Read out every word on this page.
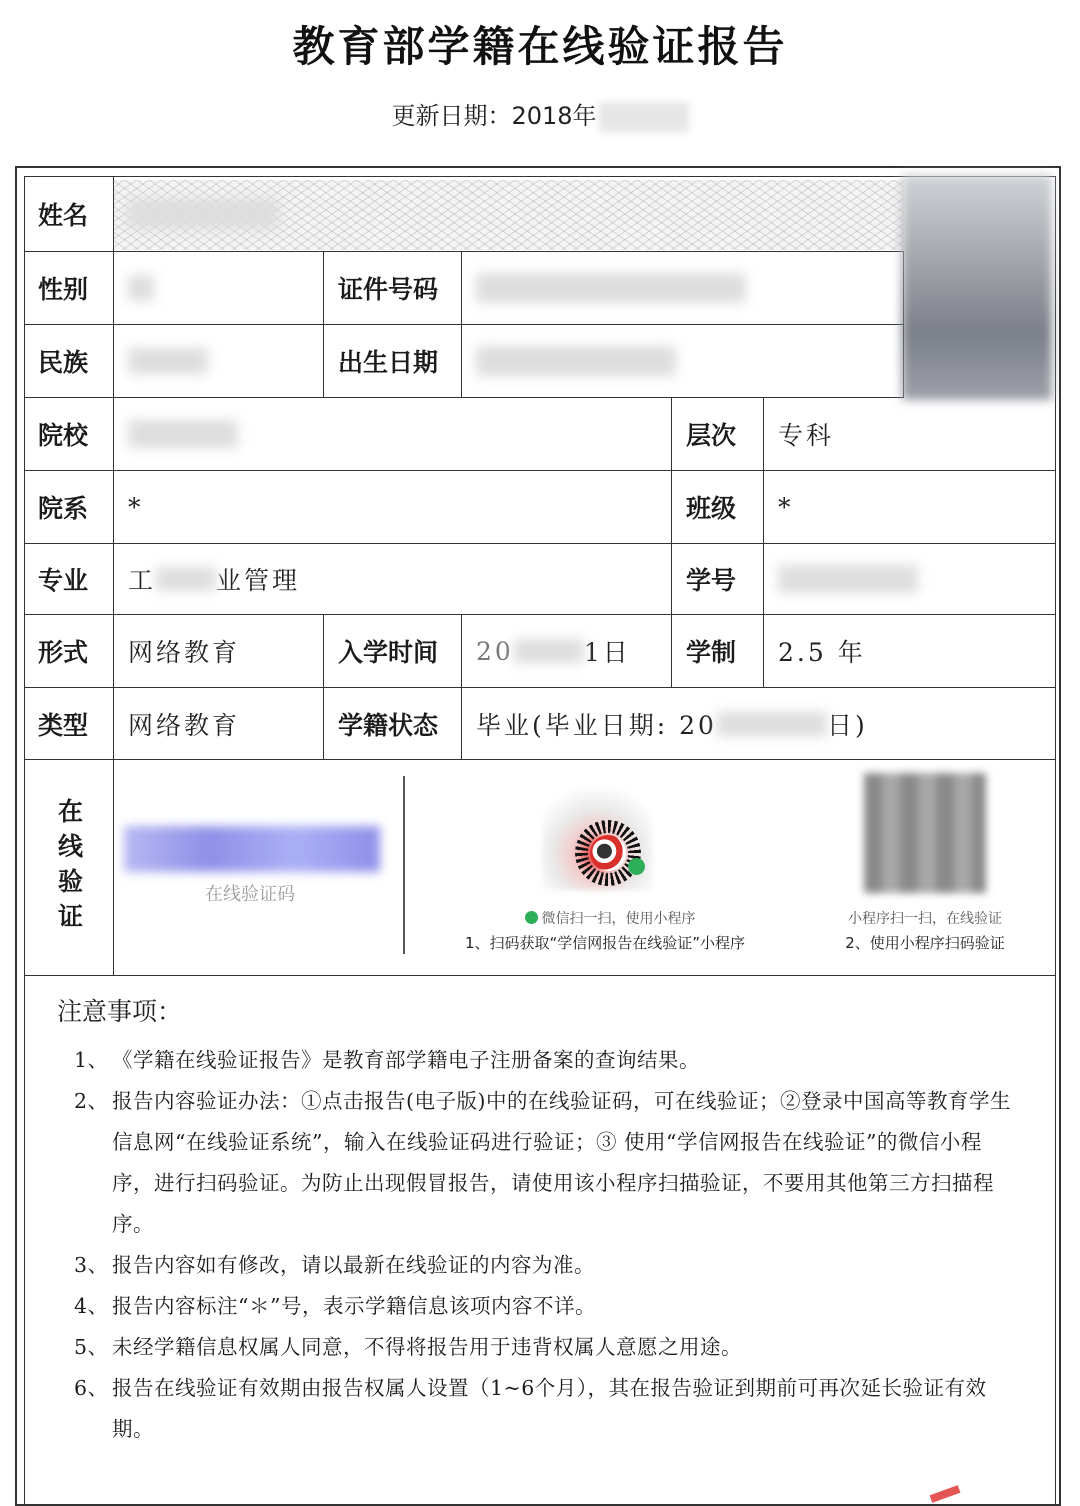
教育部学籍在线验证报告
更新日期：2018年
姓名
性别	证件号码
民族	出生日期
院校	层次 专科
院系 *	班级 *
专业 工 业管理	学号
形式 网络教育	入学时间 20	1日 学制 2.5 年
类型 网络教育	学籍状态 毕业(毕业日期: 20	日)
在线验证	在线验证码
微信扫一扫，使用小程序
1、扫码获取“学信网报告在线验证”小程序
小程序扫一扫，在线验证
2、使用小程序扫码验证
注意事项：
1、 《学籍在线验证报告》是教育部学籍电子注册备案的查询结果。
2、 报告内容验证办法：①点击报告(电子版)中的在线验证码，可在线验证；②登录中国高等教育学生信息网“在线验证系统”，输入在线验证码进行验证；③ 使用“学信网报告在线验证”的微信小程序，进行扫码验证。为防止出现假冒报告，请使用该小程序扫描验证，不要用其他第三方扫描程序。
3、 报告内容如有修改，请以最新在线验证的内容为准。
4、 报告内容标注“＊”号，表示学籍信息该项内容不详。
5、 未经学籍信息权属人同意，不得将报告用于违背权属人意愿之用途。
6、 报告在线验证有效期由报告权属人设置（1~6个月），其在报告验证到期前可再次延长验证有效期。
